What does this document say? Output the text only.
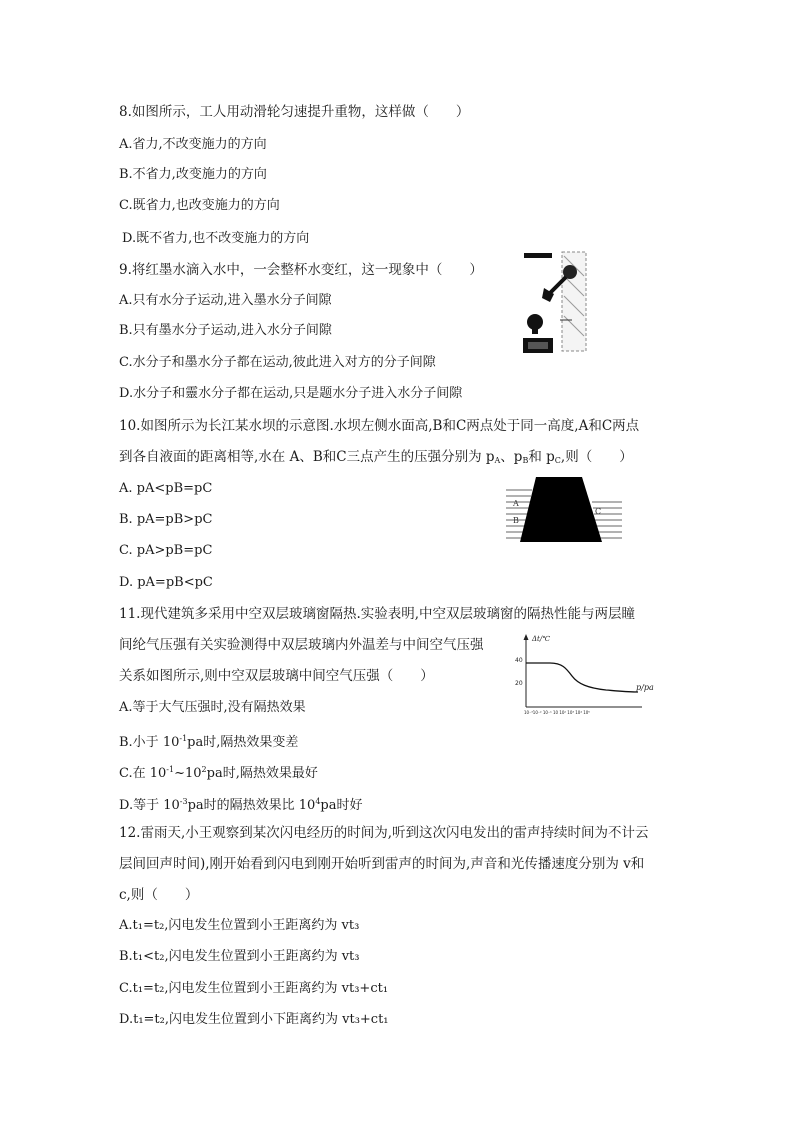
8.如图所示，工人用动滑轮匀速提升重物，这样做（　　）
A.省力,不改变施力的方向
B.不省力,改变施力的方向
C.既省力,也改变施力的方向
D.既不省力,也不改变施力的方向
9.将红墨水滴入水中，一会整杯水变红，这一现象中（　　）
A.只有水分子运动,进入墨水分子间隙
B.只有墨水分子运动,进入水分子间隙
C.水分子和墨水分子都在运动,彼此进入对方的分子间隙
D.水分子和靈水分子都在运动,只是题水分子进入水分子间隙
10.如图所示为长江某水坝的示意图.水坝左侧水面高,B和C两点处于同一高度,A和C两点
到各自液面的距离相等,水在 A、B和C三点产生的压强分别为 $p_A$、$p_B$和 $p_C$,则（　　）
A. pA<pB=pC
B. pA=pB>pC
C. pA>pB=pC
D. pA=pB<pC
A
B
C
11.现代建筑多采用中空双层玻璃窗隔热.实验表明,中空双层玻璃窗的隔热性能与两层瞳
间纶气压强有关实验测得中双层玻璃内外温差与中间空气压强
关系如图所示,则中空双层玻璃中间空气压强（　　）
A.等于大气压强时,没有隔热效果
B.小于 $10^{-1}pa$时,隔热效果变差
C.在 $10^{-1}\sim 10^2pa$时,隔热效果最好
D.等于 $10^{-3}pa$时的隔热效果比 $10^4pa$时好
Δt/℃
40
20	p/pa
10⁻³10⁻² 10⁻¹ 10 10² 10³ 10⁴ 10⁵
12.雷雨天,小王观察到某次闪电经历的时间为,听到这次闪电发出的雷声持续时间为不计云
层间回声时间),刚开始看到闪电到刚开始听到雷声的时间为,声音和光传播速度分别为 v和
c,则（　　）
A.t₁=t₂,闪电发生位置到小王距离约为 vt₃
B.t₁<t₂,闪电发生位置到小王距离约为 vt₃
C.t₁=t₂,闪电发生位置到小王距离约为 vt₃+ct₁
D.t₁=t₂,闪电发生位置到小下距离约为 vt₃+ct₁
